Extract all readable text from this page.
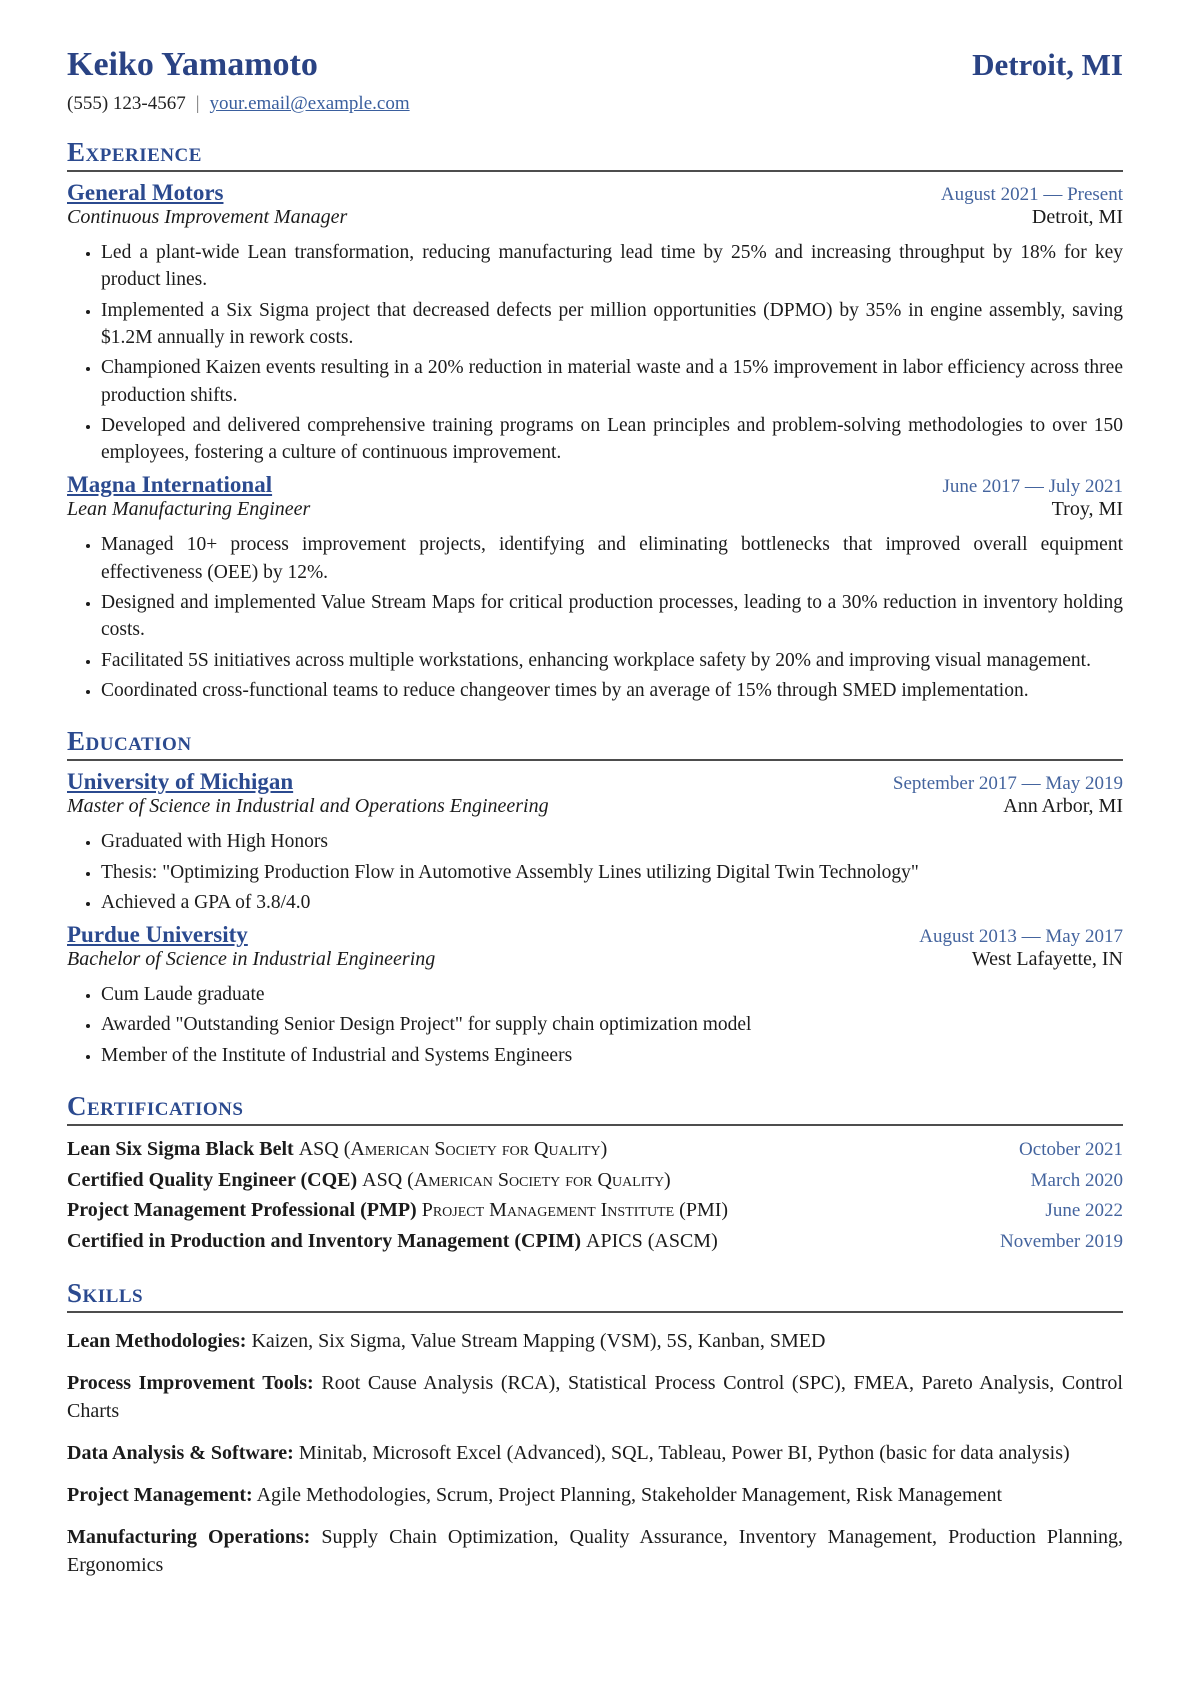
Keiko Yamamoto	Detroit, MI
(555) 123-4567 | your.email@example.com
Experience
General Motors	August 2021 — Present
Continuous Improvement Manager	Detroit, MI
• Led a plant-wide Lean transformation, reducing manufacturing lead time by 25% and increasing throughput by 18% for key product lines.
• Implemented a Six Sigma project that decreased defects per million opportunities (DPMO) by 35% in engine assembly, saving $1.2M annually in rework costs.
• Championed Kaizen events resulting in a 20% reduction in material waste and a 15% improvement in labor efficiency across three production shifts.
• Developed and delivered comprehensive training programs on Lean principles and problem-solving methodologies to over 150 employees, fostering a culture of continuous improvement.
Magna International	June 2017 — July 2021
Lean Manufacturing Engineer	Troy, MI
• Managed 10+ process improvement projects, identifying and eliminating bottlenecks that improved overall equipment effectiveness (OEE) by 12%.
• Designed and implemented Value Stream Maps for critical production processes, leading to a 30% reduction in inventory holding costs.
• Facilitated 5S initiatives across multiple workstations, enhancing workplace safety by 20% and improving visual management.
• Coordinated cross-functional teams to reduce changeover times by an average of 15% through SMED implementation.
Education
University of Michigan	September 2017 — May 2019
Master of Science in Industrial and Operations Engineering	Ann Arbor, MI
• Graduated with High Honors
• Thesis: "Optimizing Production Flow in Automotive Assembly Lines utilizing Digital Twin Technology"
• Achieved a GPA of 3.8/4.0
Purdue University	August 2013 — May 2017
Bachelor of Science in Industrial Engineering	West Lafayette, IN
• Cum Laude graduate
• Awarded "Outstanding Senior Design Project" for supply chain optimization model
• Member of the Institute of Industrial and Systems Engineers
Certifications
Lean Six Sigma Black Belt ASQ (American Society for Quality)	October 2021
Certified Quality Engineer (CQE) ASQ (American Society for Quality)	March 2020
Project Management Professional (PMP) Project Management Institute (PMI)	June 2022
Certified in Production and Inventory Management (CPIM) APICS (ASCM)	November 2019
Skills

Lean Methodologies: Kaizen, Six Sigma, Value Stream Mapping (VSM), 5S, Kanban, SMED

Process Improvement Tools: Root Cause Analysis (RCA), Statistical Process Control (SPC), FMEA, Pareto Analysis, Control Charts

Data Analysis & Software: Minitab, Microsoft Excel (Advanced), SQL, Tableau, Power BI, Python (basic for data analysis)

Project Management: Agile Methodologies, Scrum, Project Planning, Stakeholder Management, Risk Management

Manufacturing Operations: Supply Chain Optimization, Quality Assurance, Inventory Management, Production Planning, Ergonomics
